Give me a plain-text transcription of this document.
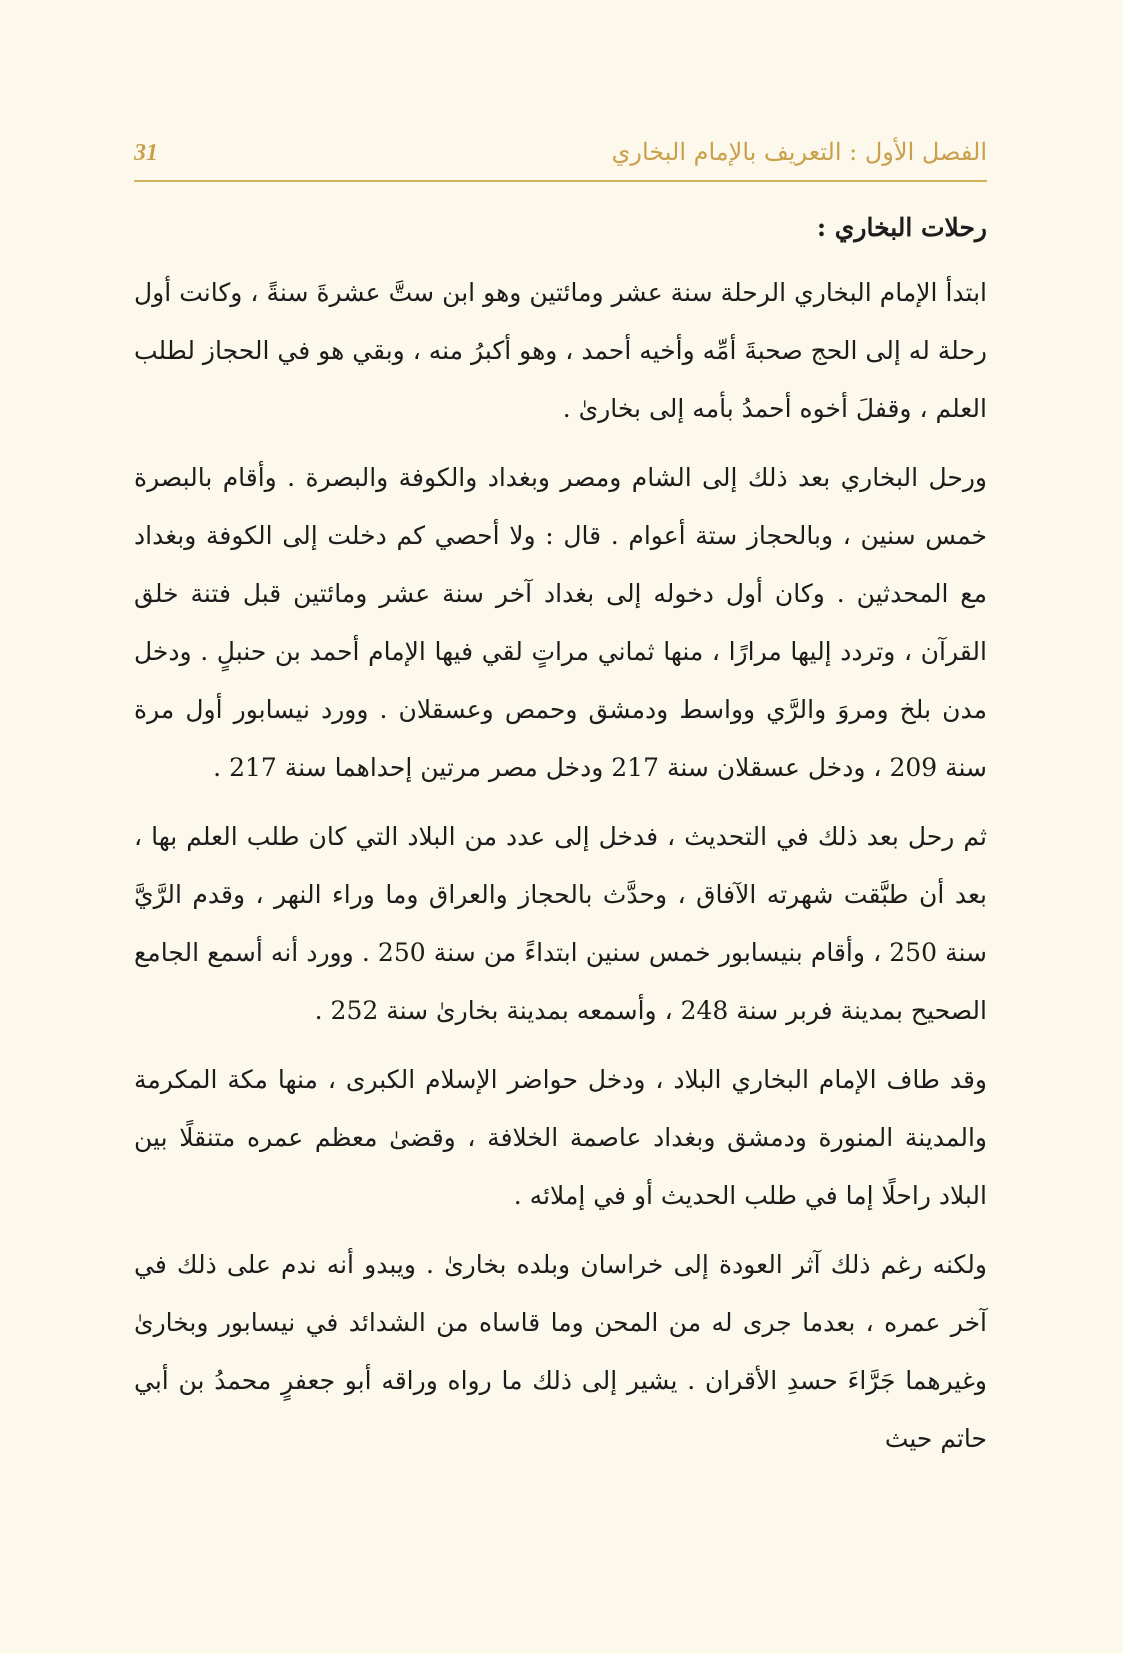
31	الفصل الأول : التعريف بالإمام البخاري
رحلات البخاري :

ابتدأ الإمام البخاري الرحلة سنة عشر ومائتين وهو ابن ستَّ عشرةَ سنةً ، وكانت أول رحلة له إلى الحج صحبةَ أمِّه وأخيه أحمد ، وهو أكبرُ منه ، وبقي هو في الحجاز لطلب العلم ، وقفلَ أخوه أحمدُ بأمه إلى بخارىٰ .

ورحل البخاري بعد ذلك إلى الشام ومصر وبغداد والكوفة والبصرة . وأقام بالبصرة خمس سنين ، وبالحجاز ستة أعوام . قال : ولا أحصي كم دخلت إلى الكوفة وبغداد مع المحدثين . وكان أول دخوله إلى بغداد آخر سنة عشر ومائتين قبل فتنة خلق القرآن ، وتردد إليها مرارًا ، منها ثماني مراتٍ لقي فيها الإمام أحمد بن حنبلٍ . ودخل مدن بلخ ومروَ والرَّي وواسط ودمشق وحمص وعسقلان . وورد نيسابور أول مرة سنة 209 ، ودخل عسقلان سنة 217 ودخل مصر مرتين إحداهما سنة 217 .

ثم رحل بعد ذلك في التحديث ، فدخل إلى عدد من البلاد التي كان طلب العلم بها ، بعد أن طبَّقت شهرته الآفاق ، وحدَّث بالحجاز والعراق وما وراء النهر ، وقدم الرَّيَّ سنة 250 ، وأقام بنيسابور خمس سنين ابتداءً من سنة 250 . وورد أنه أسمع الجامع الصحيح بمدينة فربر سنة 248 ، وأسمعه بمدينة بخارىٰ سنة 252 .

وقد طاف الإمام البخاري البلاد ، ودخل حواضر الإسلام الكبرى ، منها مكة المكرمة والمدينة المنورة ودمشق وبغداد عاصمة الخلافة ، وقضىٰ معظم عمره متنقلًا بين البلاد راحلًا إما في طلب الحديث أو في إملائه .

ولكنه رغم ذلك آثر العودة إلى خراسان وبلده بخارىٰ . ويبدو أنه ندم على ذلك في آخر عمره ، بعدما جرى له من المحن وما قاساه من الشدائد في نيسابور وبخارىٰ وغيرهما جَرَّاءَ حسدِ الأقران . يشير إلى ذلك ما رواه وراقه أبو جعفرٍ محمدُ بن أبي حاتم حيث
